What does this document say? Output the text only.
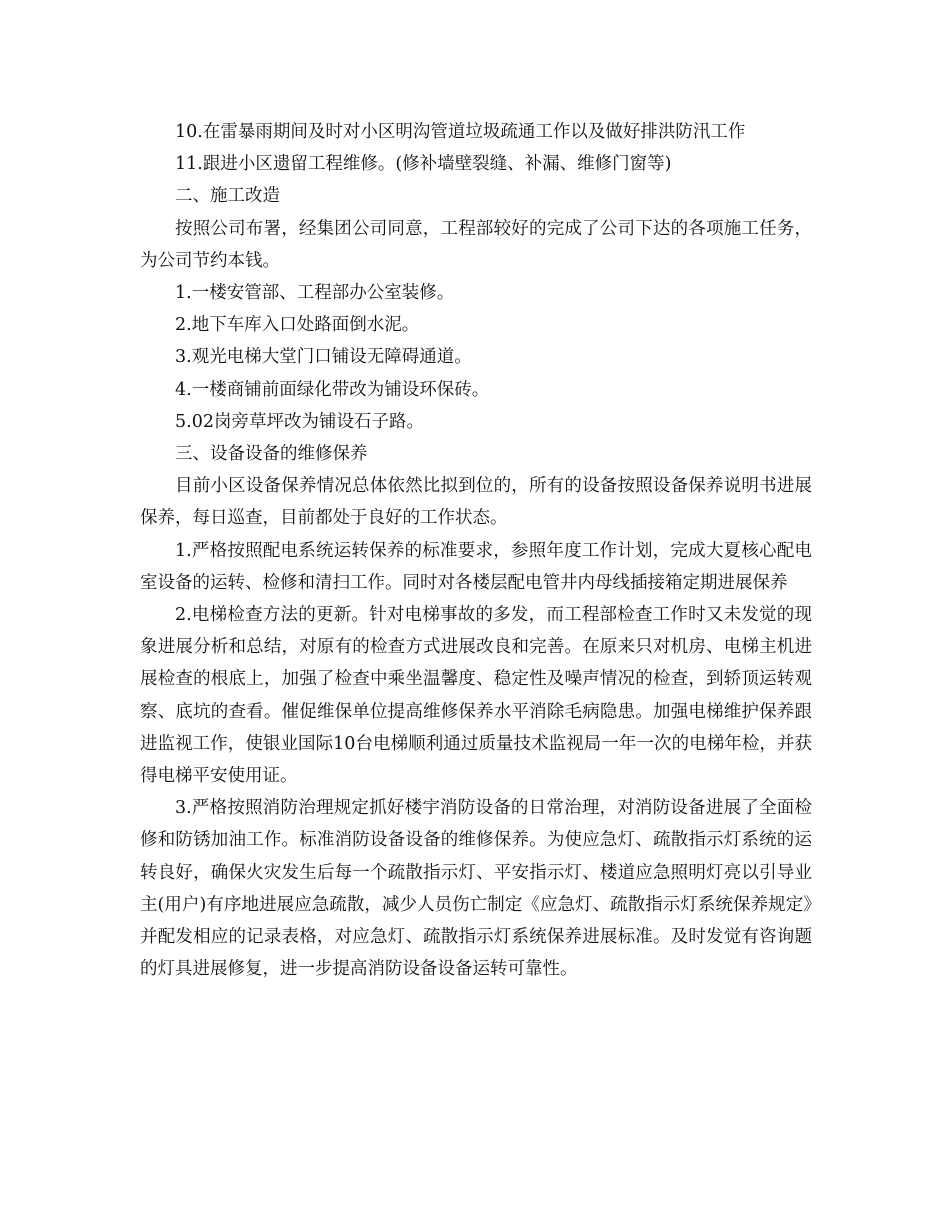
10.在雷暴雨期间及时对小区明沟管道垃圾疏通工作以及做好排洪防汛工作

11.跟进小区遗留工程维修。(修补墙壁裂缝、补漏、维修门窗等)

二、施工改造

按照公司布署，经集团公司同意，工程部较好的完成了公司下达的各项施工任务，为公司节约本钱。

1.一楼安管部、工程部办公室装修。

2.地下车库入口处路面倒水泥。

3.观光电梯大堂门口铺设无障碍通道。

4.一楼商铺前面绿化带改为铺设环保砖。

5.02岗旁草坪改为铺设石子路。

三、设备设备的维修保养

目前小区设备保养情况总体依然比拟到位的，所有的设备按照设备保养说明书进展保养，每日巡查，目前都处于良好的工作状态。

1.严格按照配电系统运转保养的标准要求，参照年度工作计划，完成大夏核心配电室设备的运转、检修和清扫工作。同时对各楼层配电管井内母线插接箱定期进展保养

2.电梯检查方法的更新。针对电梯事故的多发，而工程部检查工作时又未发觉的现象进展分析和总结，对原有的检查方式进展改良和完善。在原来只对机房、电梯主机进展检查的根底上，加强了检查中乘坐温馨度、稳定性及噪声情况的检查，到轿顶运转观察、底坑的查看。催促维保单位提高维修保养水平消除毛病隐患。加强电梯维护保养跟进监视工作，使银业国际10台电梯顺利通过质量技术监视局一年一次的电梯年检，并获得电梯平安使用证。

3.严格按照消防治理规定抓好楼宇消防设备的日常治理，对消防设备进展了全面检修和防锈加油工作。标准消防设备设备的维修保养。为使应急灯、疏散指示灯系统的运转良好，确保火灾发生后每一个疏散指示灯、平安指示灯、楼道应急照明灯亮以引导业主(用户)有序地进展应急疏散，减少人员伤亡制定《应急灯、疏散指示灯系统保养规定》并配发相应的记录表格，对应急灯、疏散指示灯系统保养进展标准。及时发觉有咨询题的灯具进展修复，进一步提高消防设备设备运转可靠性。
